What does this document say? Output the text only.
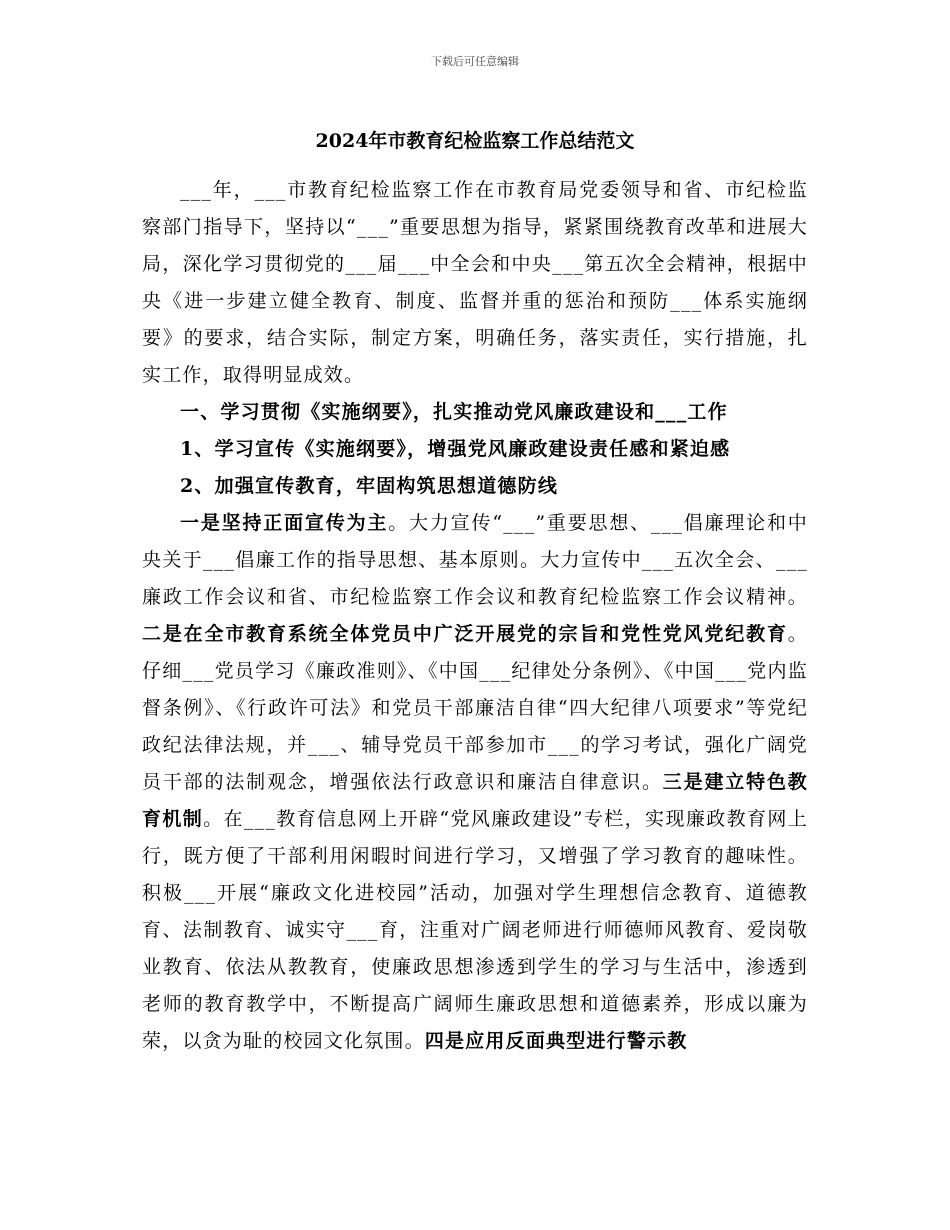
下载后可任意编辑
2024年市教育纪检监察工作总结范文

___年，___市教育纪检监察工作在市教育局党委领导和省、市纪检监察部门指导下，坚持以“___”重要思想为指导，紧紧围绕教育改革和进展大局，深化学习贯彻党的___届___中全会和中央___第五次全会精神，根据中央《进一步建立健全教育、制度、监督并重的惩治和预防___体系实施纲要》的要求，结合实际，制定方案，明确任务，落实责任，实行措施，扎实工作，取得明显成效。

一、学习贯彻《实施纲要》，扎实推动党风廉政建设和___工作

1、学习宣传《实施纲要》，增强党风廉政建设责任感和紧迫感

2、加强宣传教育，牢固构筑思想道德防线

一是坚持正面宣传为主。大力宣传“___”重要思想、___倡廉理论和中央关于___倡廉工作的指导思想、基本原则。大力宣传中___五次全会、___廉政工作会议和省、市纪检监察工作会议和教育纪检监察工作会议精神。二是在全市教育系统全体党员中广泛开展党的宗旨和党性党风党纪教育。仔细___党员学习《廉政准则》、《中国___纪律处分条例》、《中国___党内监督条例》、《行政许可法》和党员干部廉洁自律“四大纪律八项要求”等党纪政纪法律法规，并___、辅导党员干部参加市___的学习考试，强化广阔党员干部的法制观念，增强依法行政意识和廉洁自律意识。三是建立特色教育机制。在___教育信息网上开辟“党风廉政建设”专栏，实现廉政教育网上行，既方便了干部利用闲暇时间进行学习，又增强了学习教育的趣味性。积极___开展“廉政文化进校园”活动，加强对学生理想信念教育、道德教育、法制教育、诚实守___育，注重对广阔老师进行师德师风教育、爱岗敬业教育、依法从教教育，使廉政思想渗透到学生的学习与生活中，渗透到老师的教育教学中，不断提高广阔师生廉政思想和道德素养，形成以廉为荣，以贪为耻的校园文化氛围。四是应用反面典型进行警示教
